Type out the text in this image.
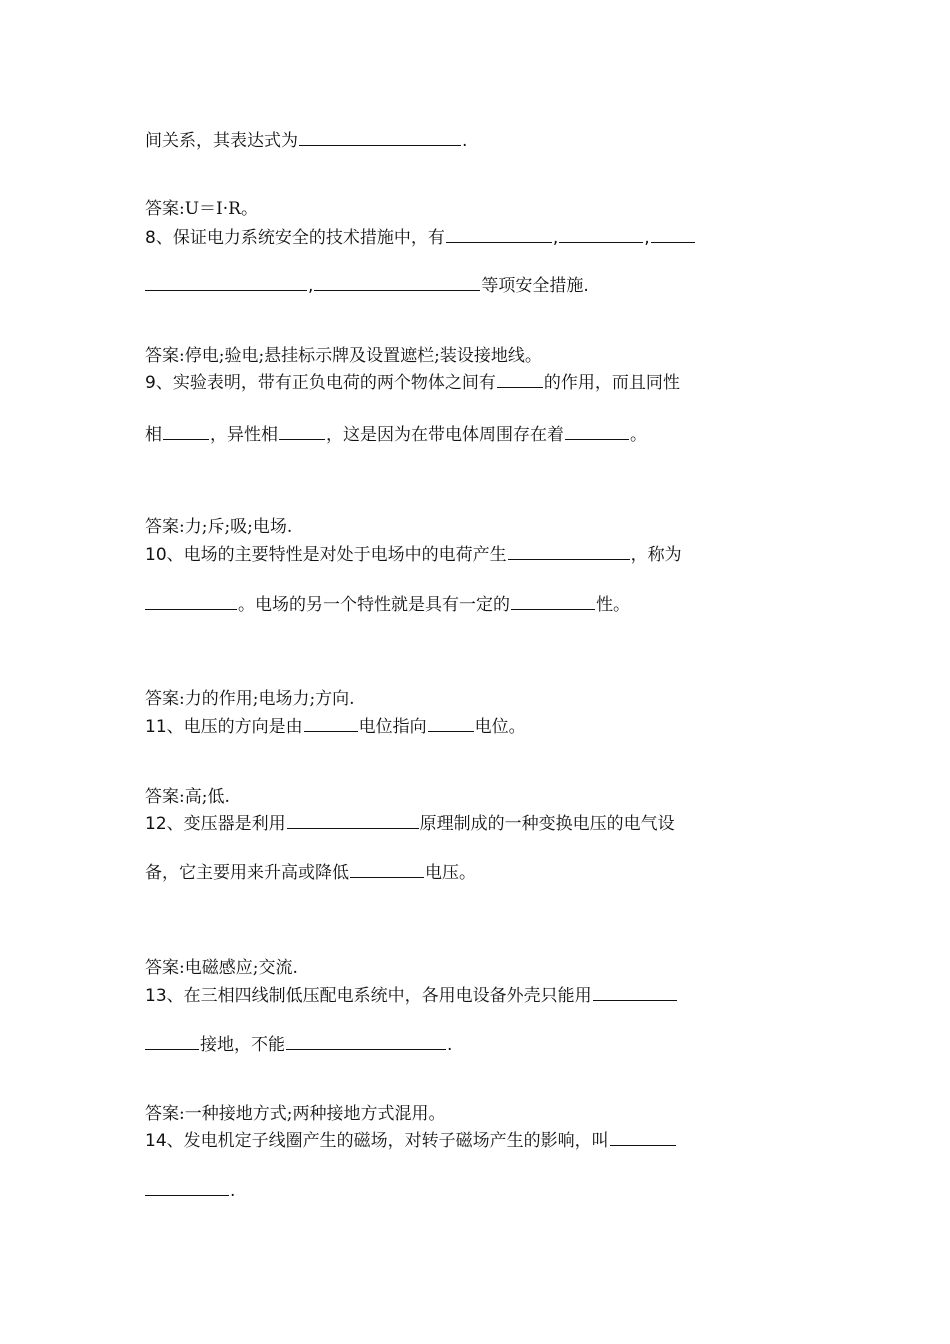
间关系，其表达式为	.
答案:U＝I·R。
8、保证电力系统安全的技术措施中，有	,	,
,	等项安全措施.
答案:停电;验电;悬挂标示牌及设置遮栏;装设接地线。
9、实验表明，带有正负电荷的两个物体之间有	的作用，而且同性
相	，异性相	，这是因为在带电体周围存在着	。
答案:力;斥;吸;电场.
10、电场的主要特性是对处于电场中的电荷产生	，称为
。电场的另一个特性就是具有一定的	性。
答案:力的作用;电场力;方向.
11、电压的方向是由	电位指向	电位。
答案:高;低.
12、变压器是利用	原理制成的一种变换电压的电气设
备，它主要用来升高或降低	电压。
答案:电磁感应;交流.
13、在三相四线制低压配电系统中，各用电设备外壳只能用
接地，不能	.
答案:一种接地方式;两种接地方式混用。
14、发电机定子线圈产生的磁场，对转子磁场产生的影响，叫
.
